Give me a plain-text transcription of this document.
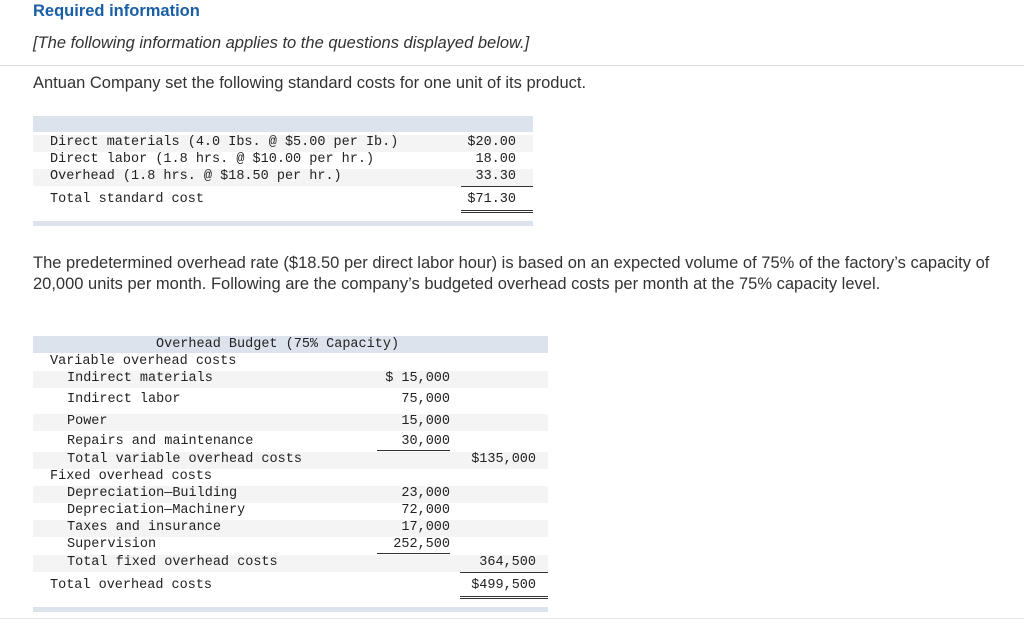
Required information
[The following information applies to the questions displayed below.]
Antuan Company set the following standard costs for one unit of its product.
Direct materials (4.0 Ibs. @ $5.00 per Ib.)	$20.00
Direct labor (1.8 hrs. @ $10.00 per hr.)	18.00
Overhead (1.8 hrs. @ $18.50 per hr.)	33.30
Total standard cost	$71.30
The predetermined overhead rate ($18.50 per direct labor hour) is based on an expected volume of 75% of the factory’s capacity of 20,000 units per month. Following are the company’s budgeted overhead costs per month at the 75% capacity level.
Overhead Budget (75% Capacity)
Variable overhead costs
Indirect materials	$ 15,000
Indirect labor	75,000
Power	15,000
Repairs and maintenance	30,000
Total variable overhead costs	$135,000
Fixed overhead costs
Depreciation—Building	23,000
Depreciation—Machinery	72,000
Taxes and insurance	17,000
Supervision	252,500
Total fixed overhead costs	364,500
Total overhead costs	$499,500
